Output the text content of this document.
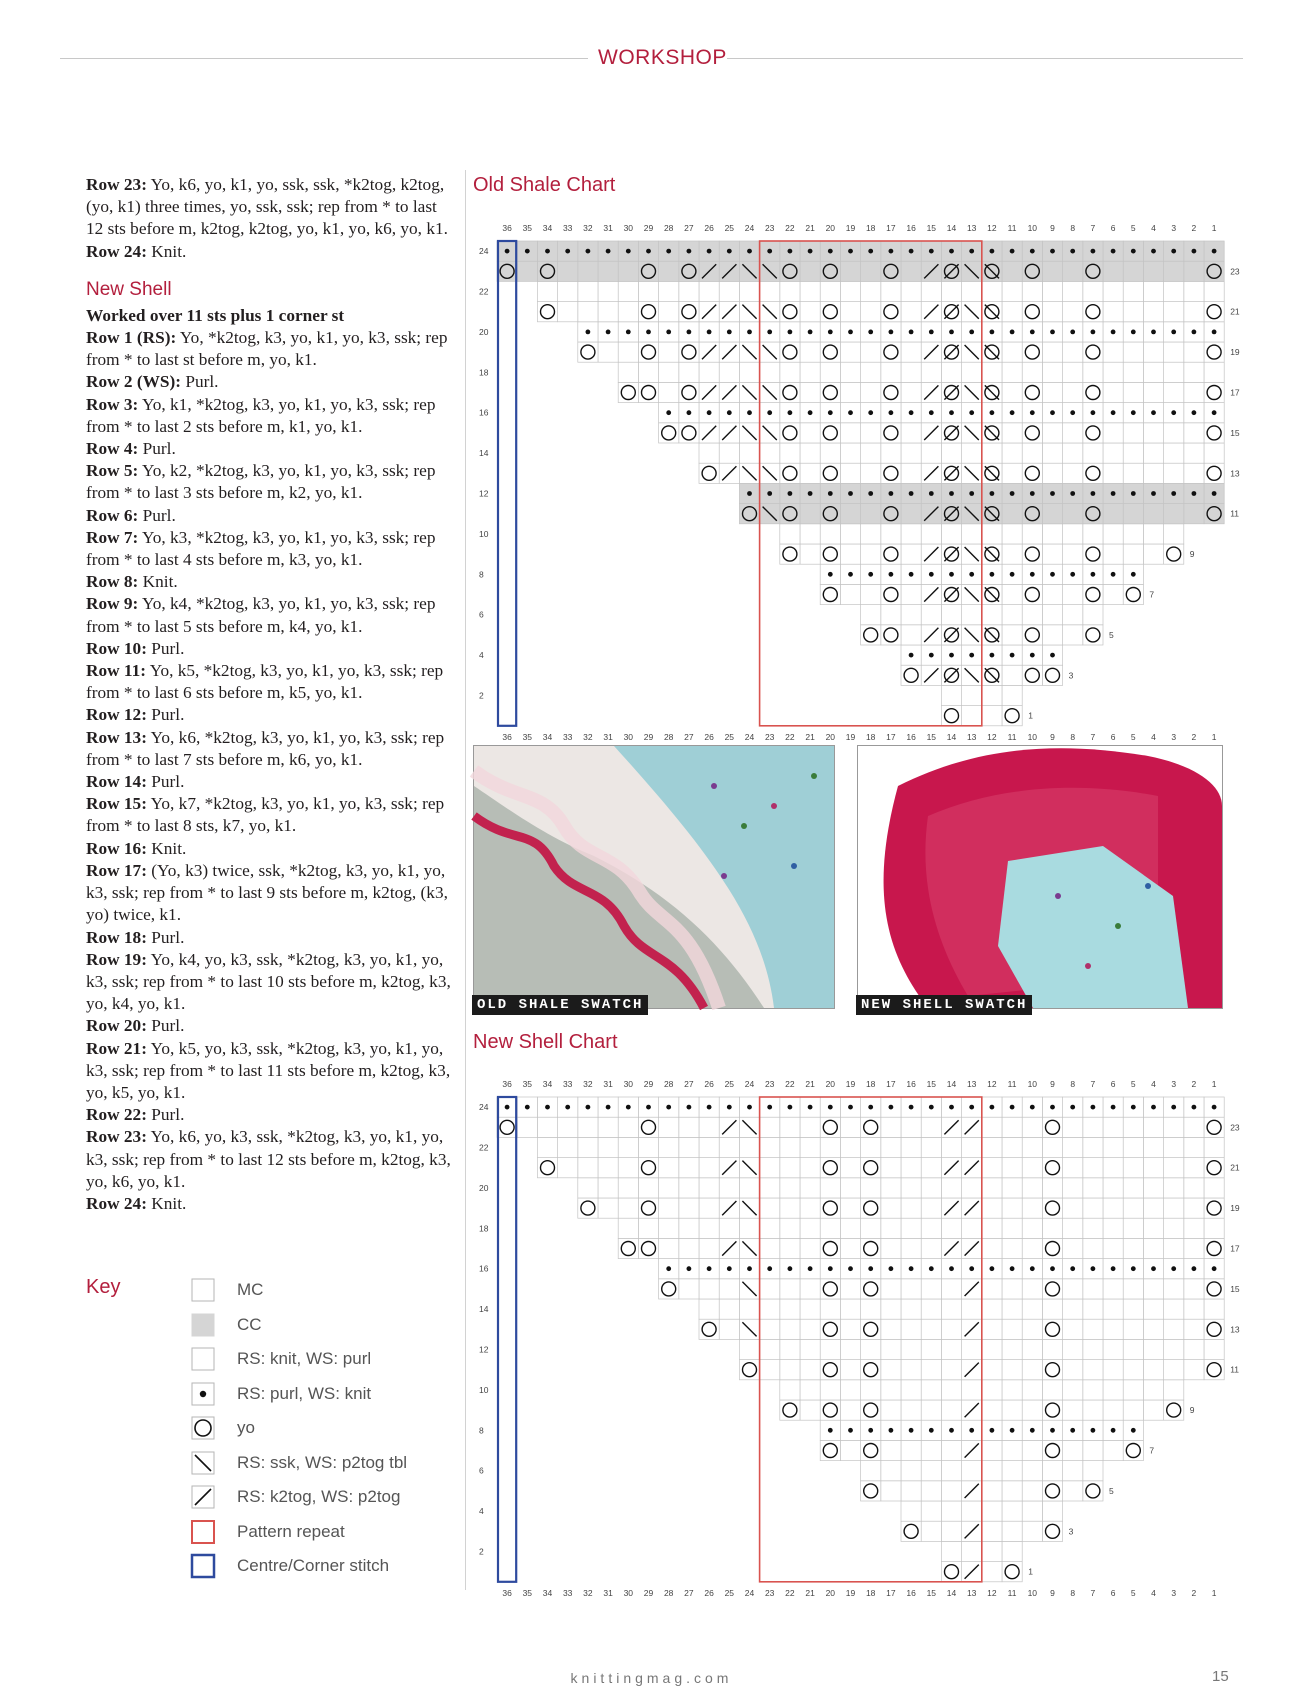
WORKSHOP

Row 23: Yo, k6, yo, k1, yo, ssk, ssk, *k2tog, k2tog, (yo, k1) three times, yo, ssk, ssk; rep from * to last 12 sts before m, k2tog, k2tog, yo, k1, yo, k6, yo, k1.

Row 24: Knit.

New Shell

Worked over 11 sts plus 1 corner st

Row 1 (RS): Yo, *k2tog, k3, yo, k1, yo, k3, ssk; rep from * to last st before m, yo, k1.

Row 2 (WS): Purl.

Row 3: Yo, k1, *k2tog, k3, yo, k1, yo, k3, ssk; rep from * to last 2 sts before m, k1, yo, k1.

Row 4: Purl.

Row 5: Yo, k2, *k2tog, k3, yo, k1, yo, k3, ssk; rep from * to last 3 sts before m, k2, yo, k1.

Row 6: Purl.

Row 7: Yo, k3, *k2tog, k3, yo, k1, yo, k3, ssk; rep from * to last 4 sts before m, k3, yo, k1.

Row 8: Knit.

Row 9: Yo, k4, *k2tog, k3, yo, k1, yo, k3, ssk; rep from * to last 5 sts before m, k4, yo, k1.

Row 10: Purl.

Row 11: Yo, k5, *k2tog, k3, yo, k1, yo, k3, ssk; rep from * to last 6 sts before m, k5, yo, k1.

Row 12: Purl.

Row 13: Yo, k6, *k2tog, k3, yo, k1, yo, k3, ssk; rep from * to last 7 sts before m, k6, yo, k1.

Row 14: Purl.

Row 15: Yo, k7, *k2tog, k3, yo, k1, yo, k3, ssk; rep from * to last 8 sts, k7, yo, k1.

Row 16: Knit.

Row 17: (Yo, k3) twice, ssk, *k2tog, k3, yo, k1, yo, k3, ssk; rep from * to last 9 sts before m, k2tog, (k3, yo) twice, k1.

Row 18: Purl.

Row 19: Yo, k4, yo, k3, ssk, *k2tog, k3, yo, k1, yo, k3, ssk; rep from * to last 10 sts before m, k2tog, k3, yo, k4, yo, k1.

Row 20: Purl.

Row 21: Yo, k5, yo, k3, ssk, *k2tog, k3, yo, k1, yo, k3, ssk; rep from * to last 11 sts before m, k2tog, k3, yo, k5, yo, k1.

Row 22: Purl.

Row 23: Yo, k6, yo, k3, ssk, *k2tog, k3, yo, k1, yo, k3, ssk; rep from * to last 12 sts before m, k2tog, k3, yo, k6, yo, k1.

Row 24: Knit.

Key	MC
CC
RS: knit, WS: purl
RS: purl, WS: knit
yo
RS: ssk, WS: p2tog tbl
RS: k2tog, WS: p2tog
Pattern repeat
Centre/Corner stitch
Old Shale Chart
36
36
35
35
34
34
33
33
32
32
31
31
30
30
29
29
28
28
27
27
26
26
25
25
24
24
23
23
22
22
21
21
20
20
19
19
18
18
17
17
16
16
15
15
14
14
13
13
12
12
11
11
10
10
9
9
8
8
7
7
6
6
5
5
4
4
3
3
2
2
1
1
24
22
20
18
16
14
12
10
8
6
4
2
1
3
5
7
9
11
13
15
17
19
21
23
OLD SHALE SWATCH	NEW SHELL SWATCH
New Shell Chart
36
36
35
35
34
34
33
33
32
32
31
31
30
30
29
29
28
28
27
27
26
26
25
25
24
24
23
23
22
22
21
21
20
20
19
19
18
18
17
17
16
16
15
15
14
14
13
13
12
12
11
11
10
10
9
9
8
8
7
7
6
6
5
5
4
4
3
3
2
2
1
1
24
22
20
18
16
14
12
10
8
6
4
2
1
3
5
7
9
11
13
15
17
19
21
23
knittingmag.com	15
